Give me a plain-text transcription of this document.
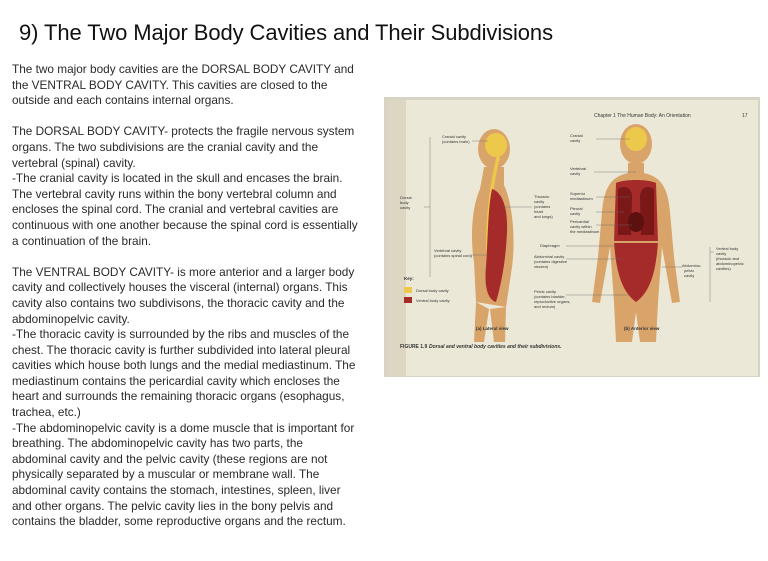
9) The Two Major Body Cavities and Their Subdivisions

The two major body cavities are the DORSAL BODY CAVITY and the VENTRAL BODY CAVITY. This cavities are closed to the outside and each contains internal organs.

The DORSAL BODY CAVITY- protects the fragile nervous system organs. The two subdivisions are the cranial cavity and the vertebral (spinal) cavity.

-The cranial cavity is located in the skull and encases the brain. The vertebral cavity runs within the bony vertebral column and encloses the spinal cord. The cranial and vertebral cavities are continuous with one another because the spinal cord is essentially a continuation of the brain.

The VENTRAL BODY CAVITY- is more anterior and a larger body cavity and collectively houses the visceral (internal) organs. This cavity also contains two subdivisons, the thoracic cavity and the abdominopelvic cavity.

-The thoracic cavity is surrounded by the ribs and muscles of the chest. The thoracic cavity is further subdivided into lateral pleural cavities which house both lungs and the medial mediastinum. The mediastinum contains the pericardial cavity which encloses the heart and surrounds the remaining thoracic organs (esophagus, trachea, etc.)

-The abdominopelvic cavity is a dome muscle that is important for breathing. The abdominopelvic cavity has two parts, the abdominal cavity and the pelvic cavity (these regions are not physically separated by a muscular or membrane wall. The abdominal cavity contains the stomach, intestines, spleen, liver and other organs. The pelvic cavity lies in the bony pelvis and contains the bladder, some reproductive organs and the rectum.

Chapter 1 The Human Body: An Orientation	17
Cranial cavity
(contains brain)
Dorsal
body
cavity
Vertebral cavity
(contains spinal cord)
Thoracic
cavity
(contains
heart
and lungs)
Cranial
cavity
Vertebral
cavity
Superior
mediastinum
Pleural
cavity
Pericardial
cavity within
the mediastinum
Diaphragm
Abdominal cavity
(contains digestive
viscera)
Pelvic cavity
(contains bladder,
reproductive organs,
and rectum)
Abdomino-
pelvic
cavity
Ventral body
cavity
(thoracic and
abdominopelvic
cavities)
Key:
Dorsal body cavity
Ventral body cavity
(a) Lateral view	(b) Anterior view
FIGURE 1.9 Dorsal and ventral body cavities and their subdivisions.
